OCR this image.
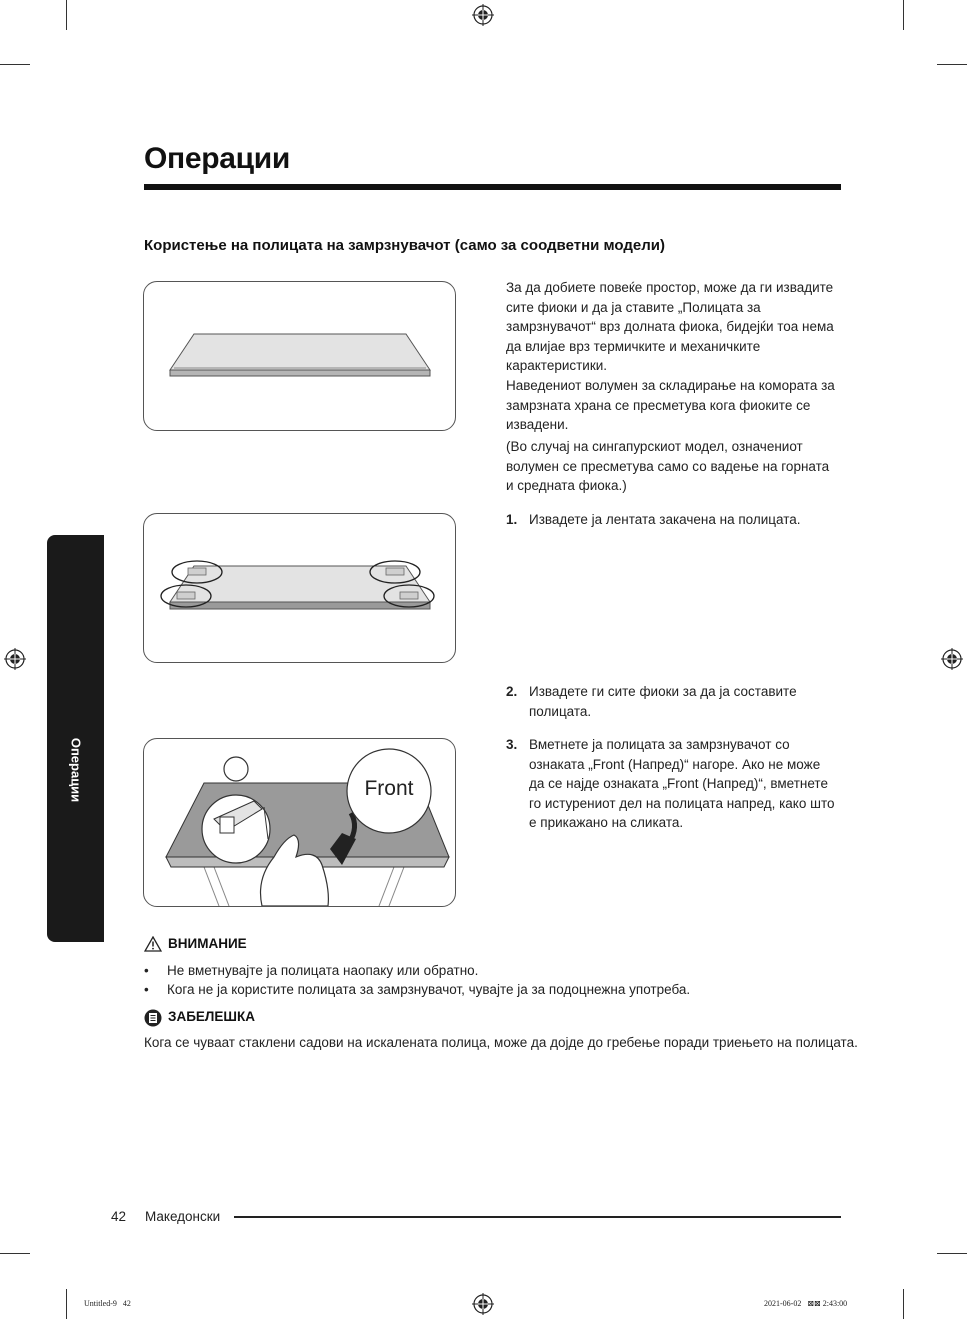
Операции
Користење на полицата на замрзнувачот (само за соодветни модели)
Операции
За да добиете повеќе простор, може да ги извадите сите фиоки и да ја ставите „Полицата за замрзнувачот“ врз долната фиока, бидејќи тоа нема да влијае врз термичките и механичките карактеристики.
Наведениот волумен за складирање на комората за замрзната храна се пресметува кога фиоките се извадени.
(Во случај на сингапурскиот модел, означениот волумен се пресметува само со вадење на горната и средната фиока.)
1. Извадете ја лентата закачена на полицата.
2. Извадете ги сите фиоки за да ја составите полицата.
3. Вметнете ја полицата за замрзнувачот со ознаката „Front (Напред)“ нагоре. Ако не може да се најде ознаката „Front (Напред)“, вметнете го истурениот дел на полицата напред, како што е прикажано на сликата.
Front
ВНИМАНИЕ
• Не вметнувајте ја полицата наопаку или обратно.
• Кога не ја користите полицата за замрзнувачот, чувајте ја за подоцнежна употреба.
ЗАБЕЛЕШКА
Кога се чуваат стаклени садови на искалената полица, може да дојде до гребење поради триењето на полицата.
42 Македонски
Untitled-9   42	2021-06-02   ⊠⊠ 2:43:00
